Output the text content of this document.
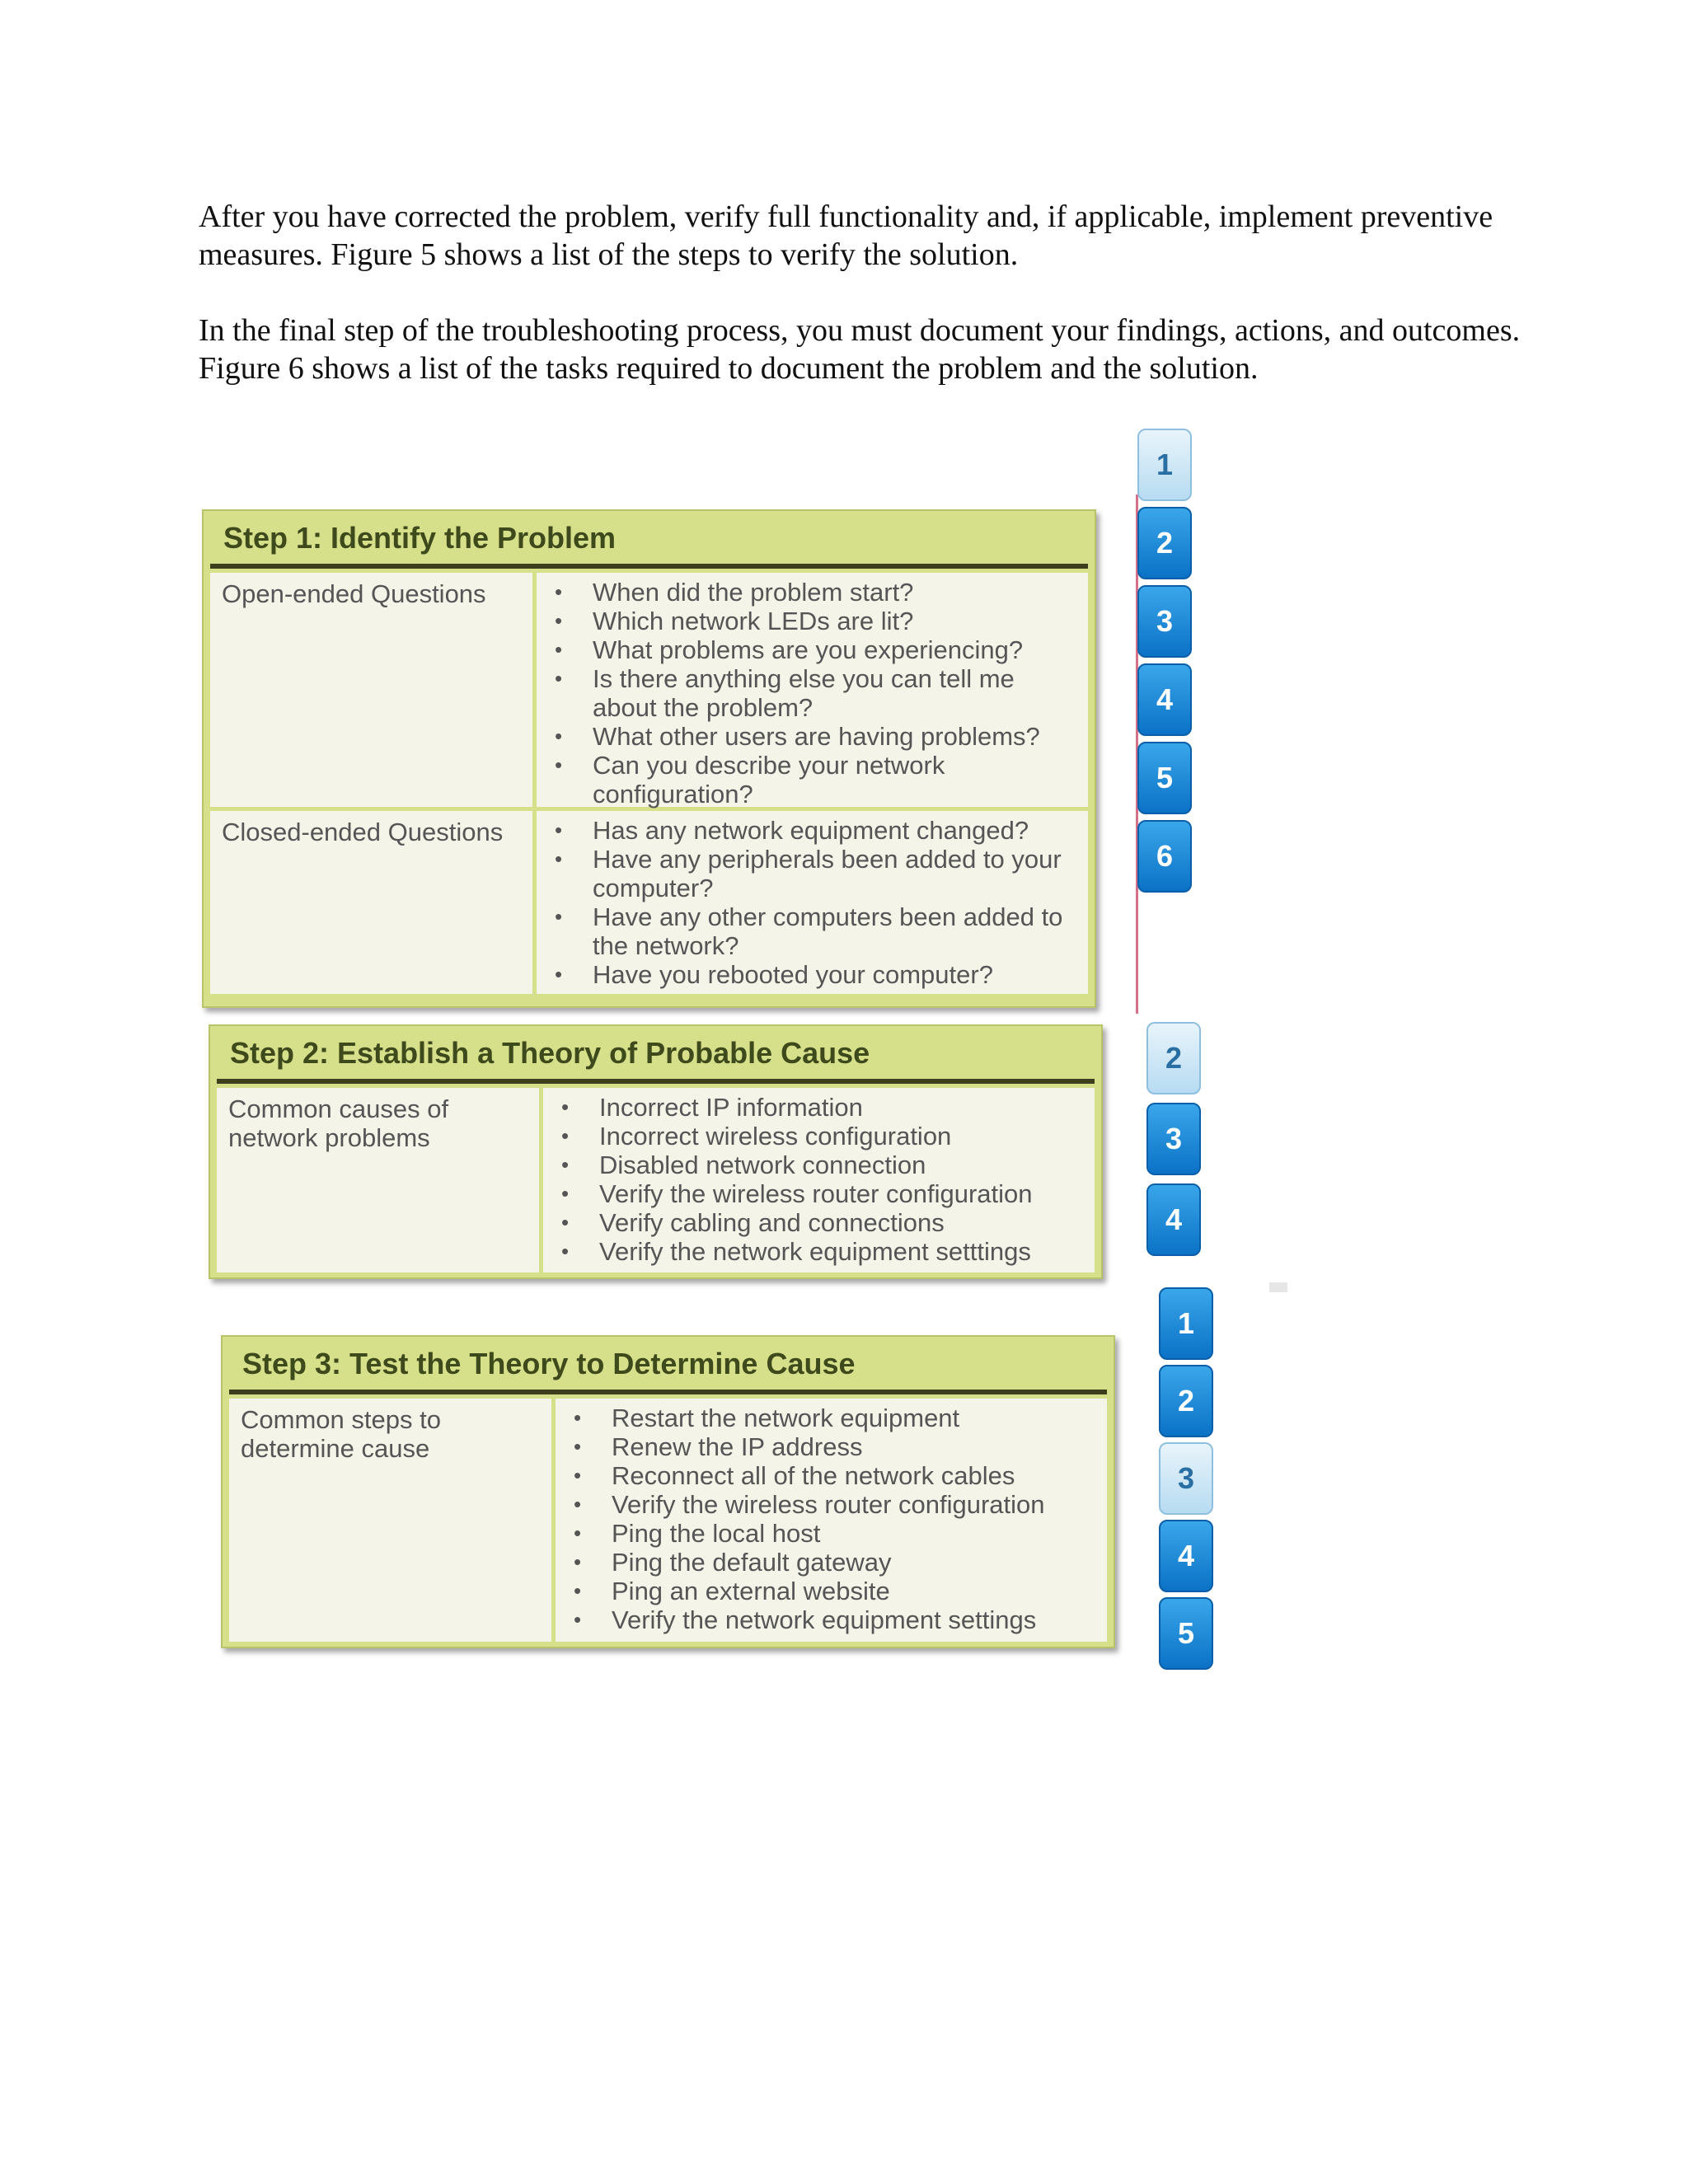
After you have corrected the problem, verify full functionality and, if applicable, implement preventive measures. Figure 5 shows a list of the steps to verify the solution.
In the final step of the troubleshooting process, you must document your findings, actions, and outcomes. Figure 6 shows a list of the tasks required to document the problem and the solution.
Step 1: Identify the Problem
Open-ended Questions	• When did the problem start?
• Which network LEDs are lit?
• What problems are you experiencing?
• Is there anything else you can tell me about the problem?
• What other users are having problems?
• Can you describe your network configuration?
Closed-ended Questions	• Has any network equipment changed?
• Have any peripherals been added to your computer?
• Have any other computers been added to the network?
• Have you rebooted your computer?
Step 2: Establish a Theory of Probable Cause
Common causes of network problems
• Incorrect IP information
• Incorrect wireless configuration
• Disabled network connection
• Verify the wireless router configuration
• Verify cabling and connections
• Verify the network equipment setttings
Step 3: Test the Theory to Determine Cause
Common steps to determine cause
• Restart the network equipment
• Renew the IP address
• Reconnect all of the network cables
• Verify the wireless router configuration
• Ping the local host
• Ping the default gateway
• Ping an external website
• Verify the network equipment settings
1
2
3
4
5
6
2
3
4
1
2
3
4
5
